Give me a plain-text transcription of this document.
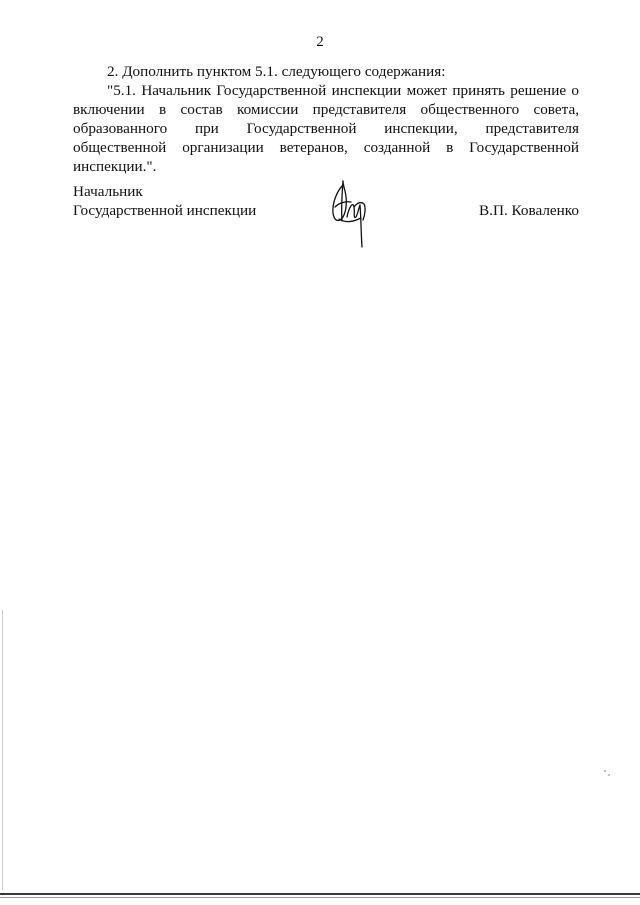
2

2. Дополнить пунктом 5.1. следующего содержания:

"5.1. Начальник Государственной инспекции может принять решение о включении в состав комиссии представителя общественного совета, образованного при Государственной инспекции, представителя общественной организации ветеранов, созданной в Государственной инспекции.".

Начальник
Государственной инспекции	В.П. Коваленко
